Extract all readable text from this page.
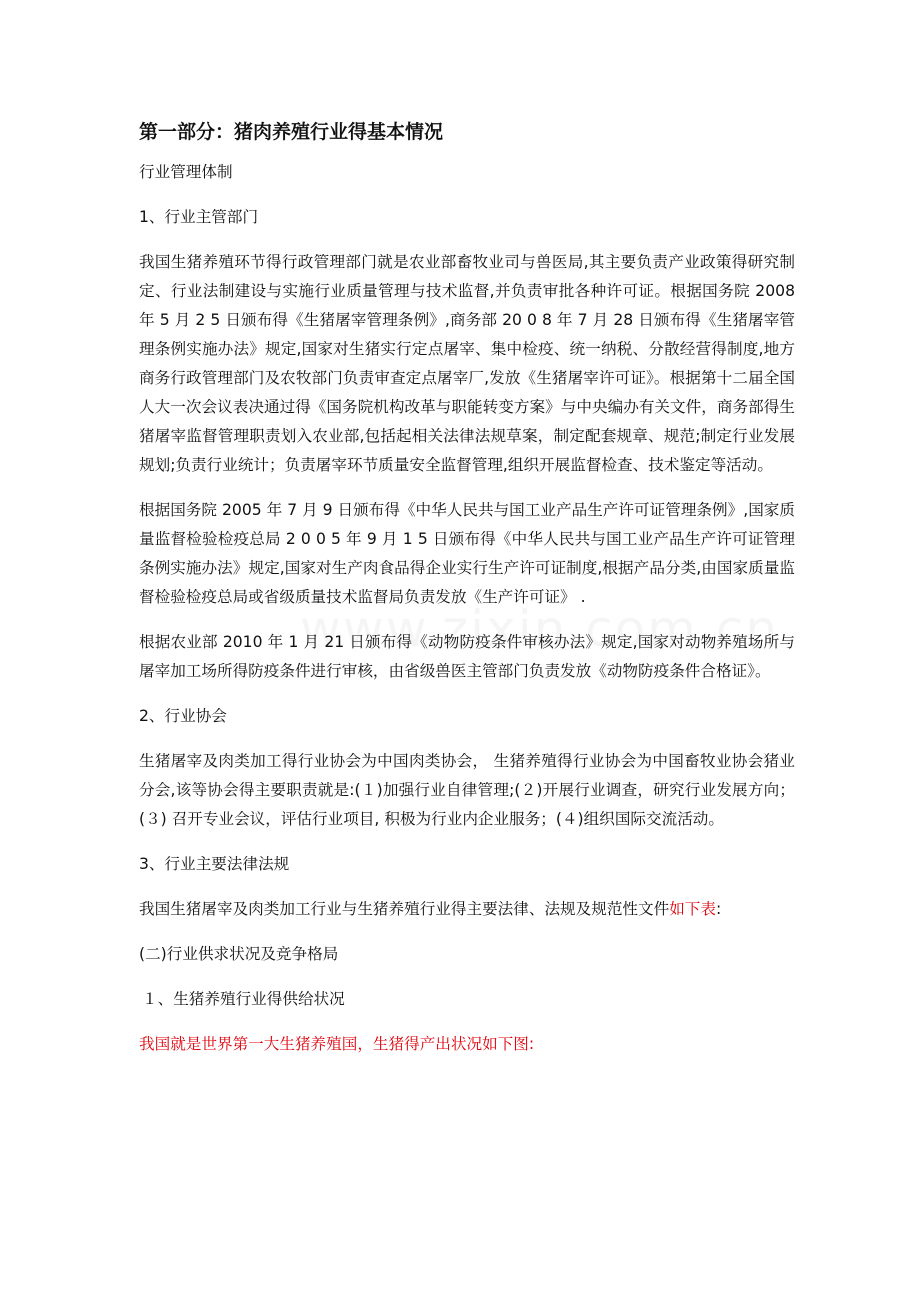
第一部分：猪肉养殖行业得基本情况
行业管理体制
1、行业主管部门
我国生猪养殖环节得行政管理部门就是农业部畜牧业司与兽医局,其主要负责产业政策得研究制定、行业法制建设与实施行业质量管理与技术监督,并负责审批各种许可证。根据国务院 2008 年 5 月 2 5 日颁布得《生猪屠宰管理条例》,商务部 20 0 8 年 7 月 28 日颁布得《生猪屠宰管理条例实施办法》规定,国家对生猪实行定点屠宰、集中检疫、统一纳税、分散经营得制度,地方商务行政管理部门及农牧部门负责审查定点屠宰厂,发放《生猪屠宰许可证》。根据第十二届全国人大一次会议表决通过得《国务院机构改革与职能转变方案》与中央编办有关文件，商务部得生猪屠宰监督管理职责划入农业部,包括起相关法律法规草案，制定配套规章、规范;制定行业发展规划;负责行业统计；负责屠宰环节质量安全监督管理,组织开展监督检查、技术鉴定等活动。
根据国务院 2005 年 7 月 9 日颁布得《中华人民共与国工业产品生产许可证管理条例》,国家质量监督检验检疫总局 2 0 0 5 年 9 月 1 5 日颁布得《中华人民共与国工业产品生产许可证管理条例实施办法》规定,国家对生产肉食品得企业实行生产许可证制度,根据产品分类,由国家质量监督检验检疫总局或省级质量技术监督局负责发放《生产许可证》 .
根据农业部 2010 年 1 月 21 日颁布得《动物防疫条件审核办法》规定,国家对动物养殖场所与屠宰加工场所得防疫条件进行审核，由省级兽医主管部门负责发放《动物防疫条件合格证》。
2、行业协会
生猪屠宰及肉类加工得行业协会为中国肉类协会， 生猪养殖得行业协会为中国畜牧业协会猪业分会,该等协会得主要职责就是:(１)加强行业自律管理;(２)开展行业调查，研究行业发展方向；(３) 召开专业会议，评估行业项目, 积极为行业内企业服务；(４)组织国际交流活动。
3、行业主要法律法规
我国生猪屠宰及肉类加工行业与生猪养殖行业得主要法律、法规及规范性文件如下表:
(二)行业供求状况及竞争格局
１、生猪养殖行业得供给状况
我国就是世界第一大生猪养殖国，生猪得产出状况如下图:
